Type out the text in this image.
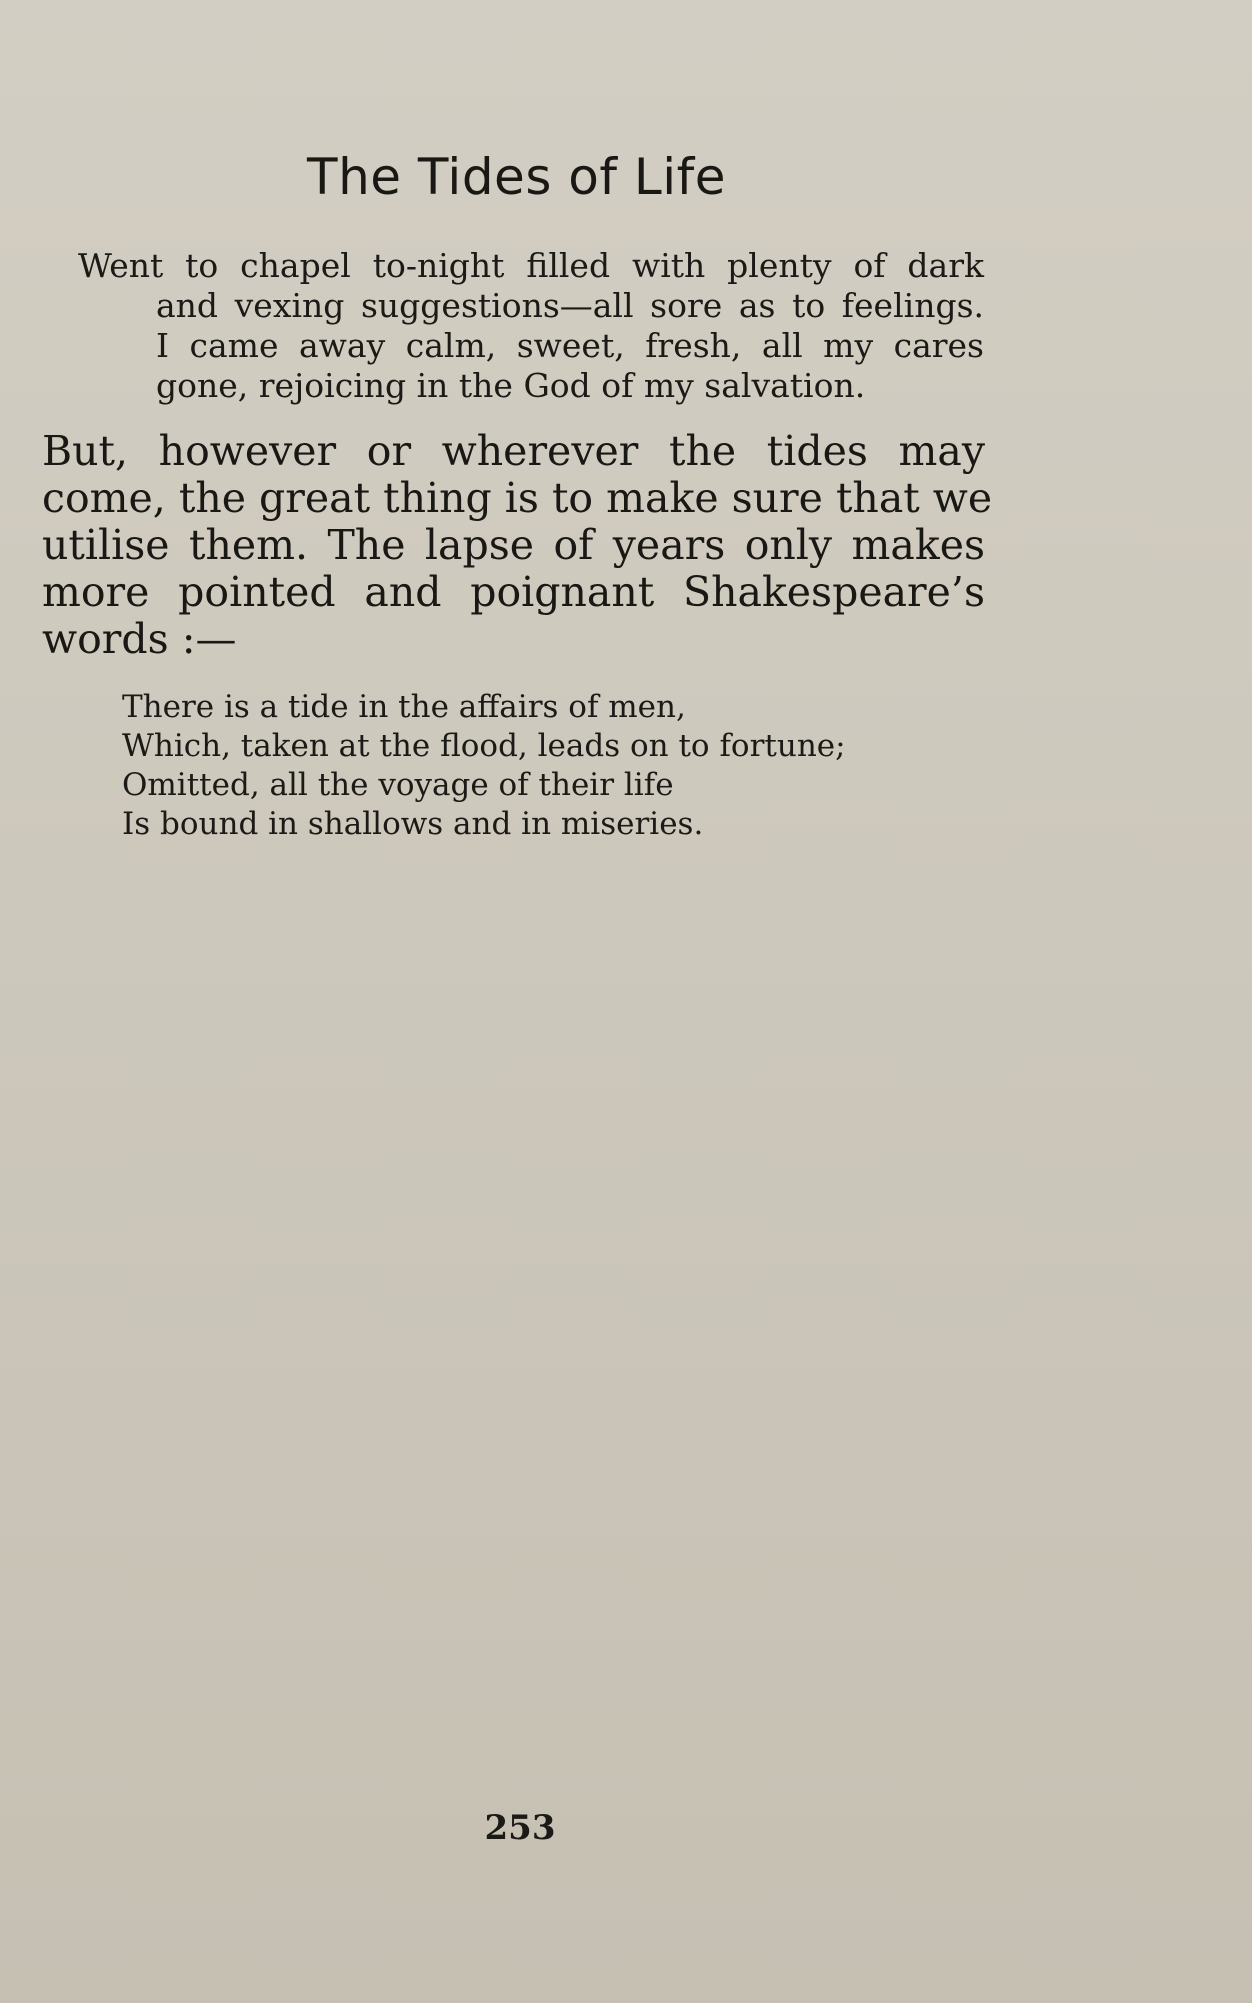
The Tides of Life

Went to chapel to-night filled with plenty of dark
and vexing suggestions—all sore as to feelings.
I came away calm, sweet, fresh, all my cares
gone, rejoicing in the God of my salvation.

But, however or wherever the tides may
come, the great thing is to make sure that we
utilise them. The lapse of years only makes
more pointed and poignant Shakespeare’s
words :—

There is a tide in the affairs of men,
Which, taken at the flood, leads on to fortune;
Omitted, all the voyage of their life
Is bound in shallows and in miseries.

253
